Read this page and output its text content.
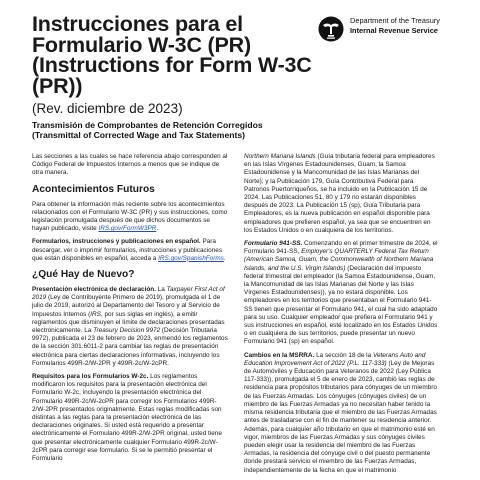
Instrucciones para el
Formulario W-3C (PR)
(Instructions for Form W-3C
(PR))
(Rev. diciembre de 2023)
Transmisión de Comprobantes de Retención Corregidos
(Transmittal of Corrected Wage and Tax Statements)
Department of the Treasury
Internal Revenue Service

Las secciones a las cuales se hace referencia abajo corresponden al Código Federal de Impuestos Internos a menos que se indique de otra manera.

Acontecimientos Futuros

Para obtener la información más reciente sobre los acontecimientos relacionados con el Formulario W-3C (PR) y sus instrucciones, como legislación promulgada después de que dichos documentos se hayan publicado, visite IRS.gov/FormW3PR.

Formularios, instrucciones y publicaciones en español. Para descargar, ver o imprimir formularios, instrucciones y publicaciones que están disponibles en español, acceda a IRS.gov/SpanishForms.

¿Qué Hay de Nuevo?

Presentación electrónica de declaración. La Taxpayer First Act of 2019 (Ley de Contribuyente Primero de 2019), promulgada el 1 de julio de 2019, autorizó al Departamento del Tesoro y al Servicio de Impuestos Internos (IRS, por sus siglas en inglés), a emitir reglamentos que disminuyen el límite de declaraciones presentadas electrónicamente. La Treasury Decision 9972 (Decisión Tributaria 9972), publicada el 23 de febrero de 2023, enmendó los reglamentos de la sección 301.6011-2 para cambiar las reglas de presentación electrónica para ciertas declaraciones informativas, incluyendo los Formularios 499R-2/W-2PR y 499R-2c/W-2cPR.

Requisitos para los Formularios W-2c. Los reglamentos modificaron los requisitos para la presentación electrónica del Formulario W-2c, incluyendo la presentación electrónica del Formulario 499R-2c/W-2cPR para corregir los Formularios 499R-2/W-2PR presentados originalmente. Estas reglas modificadas son distintas a las reglas para la presentación electrónica de las declaraciones originales. Si usted está requerido a presentar electrónicamente el Formulario 499R-2/W-2PR original, usted tiene que presentar electrónicamente cualquier Formulario 499R-2c/W-2cPR para corregir ese formulario. Si se le permitió presentar el Formulario

Northern Mariana Islands (Guía tributaria federal para empleadores en las Islas Vírgenes Estadounidenses, Guam, la Samoa Estadounidense y la Mancomunidad de las Islas Marianas del Norte); y la Publicación 179, Guía Contributiva Federal para Patronos Puertorriqueños, se ha incluido en la Publicación 15 de 2024. Las Publicaciones 51, 80 y 179 no estarán disponibles después de 2023. La Publicación 15 (sp), Guía Tributaria para Empleadores, es la nueva publicación en español disponible para empleadores que prefieren español, ya sea que se encuentren en los Estados Unidos o en cualquiera de los territorios.

Formulario 941-SS. Comenzando en el primer trimestre de 2024, el Formulario 941-SS, Employer's QUARTERLY Federal Tax Return (American Samoa, Guam, the Commonwealth of Northern Mariana Islands, and the U.S. Virgin Islands) (Declaración del impuesto federal trimestral del empleador (la Samoa Estadounidense, Guam, la Mancomunidad de las Islas Marianas del Norte y las Islas Vírgenes Estadounidenses)), ya no estará disponible. Los empleadores en los territorios que presentaban el Formulario 941-SS tienen que presentar el Formulario 941, el cual ha sido adaptado para su uso. Cualquier empleador que prefiera el Formulario 941 y sus instrucciones en español, esté localizado en los Estados Unidos o en cualquiera de sus territorios, puede presentar un nuevo Formulario 941 (sp) en español.

Cambios en la MSRRA. La sección 18 de la Veterans Auto and Education Improvement Act of 2022 (P.L. 117-333) (Ley de Mejoras de Automóviles y Educación para Veteranos de 2022 (Ley Pública 117-333)), promulgada el 5 de enero de 2023, cambió las reglas de residencia para propósitos tributarios para cónyuges de un miembro de las Fuerzas Armadas. Los cónyuges (cónyuges civiles) de un miembro de las Fuerzas Armadas ya no necesitan haber tenido la misma residencia tributaria que el miembro de las Fuerzas Armadas antes de trasladarse con él fin de mantener su residencia anterior. Además, para cualquier año tributario en que el matrimonio esté en vigor, miembros de las Fuerzas Armadas y sus cónyuges civiles pueden elegir usar la residencia del miembro de las Fuerzas Armadas, la residencia del cónyuge civil o del puesto permanente donde prestará servicio el miembro de las Fuerzas Armadas, independientemente de la fecha en que el matrimonio
